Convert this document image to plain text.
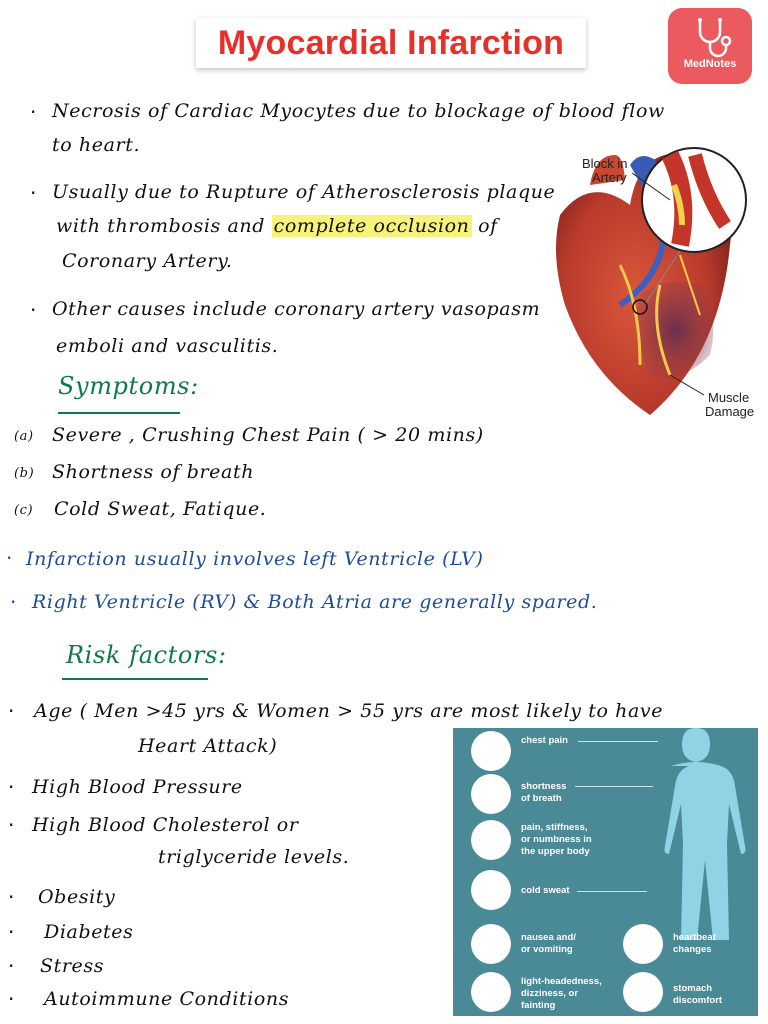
Myocardial Infarction
MedNotes
· Necrosis of Cardiac Myocytes due to blockage of blood flow
to heart.
· Usually due to Rupture of Atherosclerosis plaque
with thrombosis and complete occlusion of
Coronary Artery.
· Other causes include coronary artery vasopasm
emboli and vasculitis.
Block in
Artery
Muscle
Damage
Symptoms:
(a) Severe , Crushing Chest Pain ( > 20 mins)
(b) Shortness of breath
(c) Cold Sweat, Fatique.
· Infarction usually involves left Ventricle (LV)
· Right Ventricle (RV) & Both Atria are generally spared.
Risk factors:
· Age ( Men >45 yrs & Women > 55 yrs are most likely to have
Heart Attack)
· High Blood Pressure
· High Blood Cholesterol or
triglyceride levels.
· Obesity
· Diabetes
· Stress
· Autoimmune Conditions
chest pain
shortness
of breath
pain, stiffness,
or numbness in
the upper body
cold sweat
nausea and/
or vomiting
heartbeat
changes
light-headedness,
dizziness, or
fainting
stomach
discomfort
